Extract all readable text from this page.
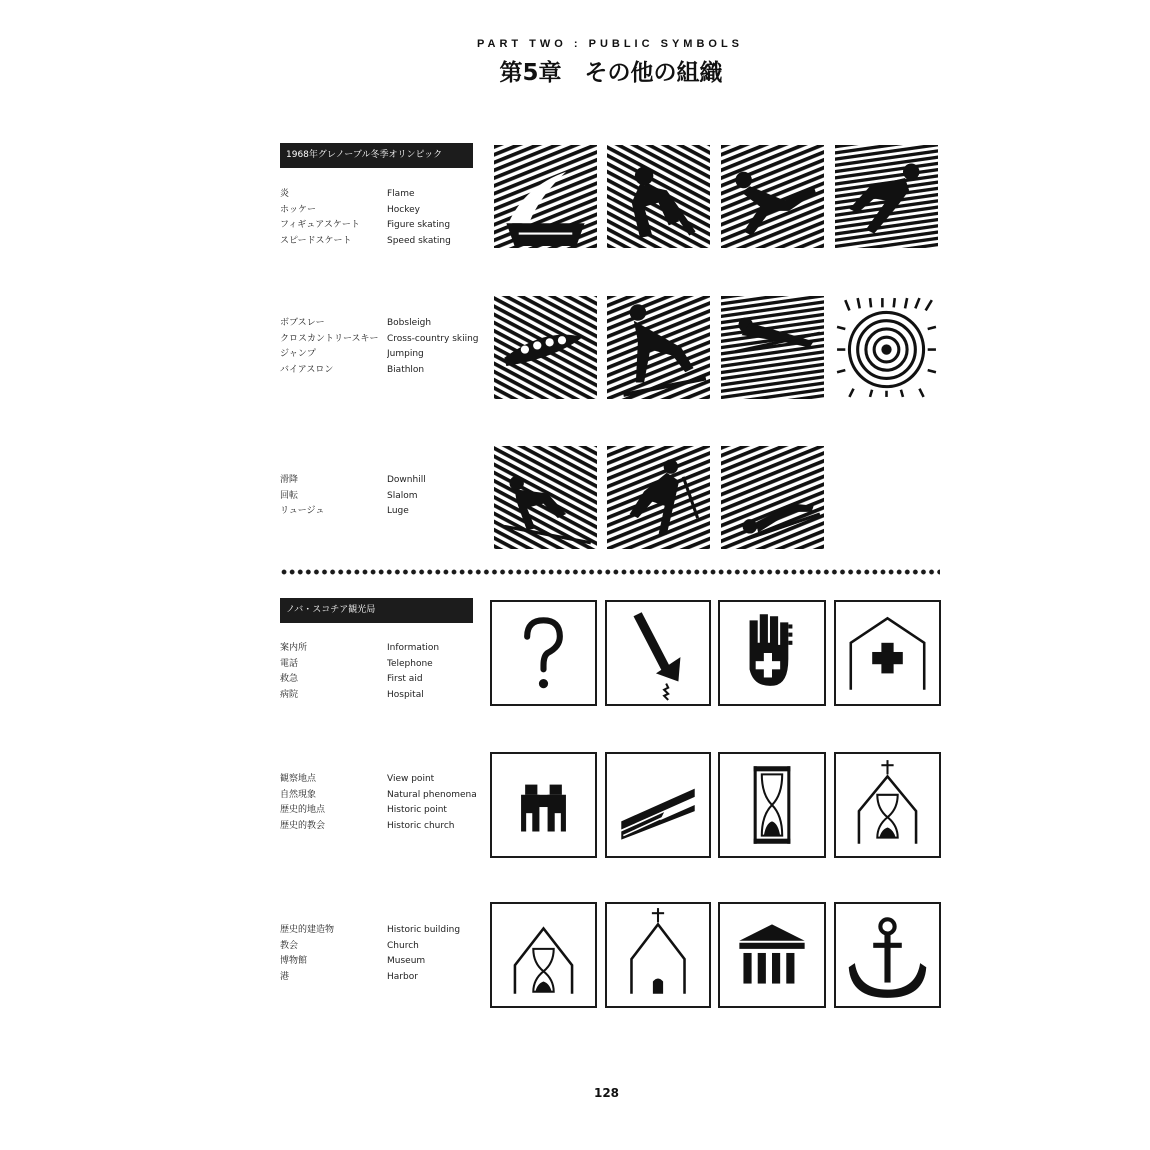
PART TWO : PUBLIC SYMBOLS
第5章　その他の組織
1968年グレノーブル冬季オリンピック
炎	Flame
ホッケー	Hockey
フィギュアスケート	Figure skating
スピードスケート	Speed skating
ボブスレー	Bobsleigh
クロスカントリースキー Cross-country skiing
ジャンプ	Jumping
バイアスロン	Biathlon
滑降	Downhill
回転	Slalom
リュージュ	Luge
ノバ・スコチア観光局
案内所	Information
電話	Telephone
救急	First aid
病院	Hospital
観察地点	View point
自然現象	Natural phenomena
歴史的地点	Historic point
歴史的教会	Historic church
歴史的建造物	Historic building
教会	Church
博物館	Museum
港	Harbor
128
